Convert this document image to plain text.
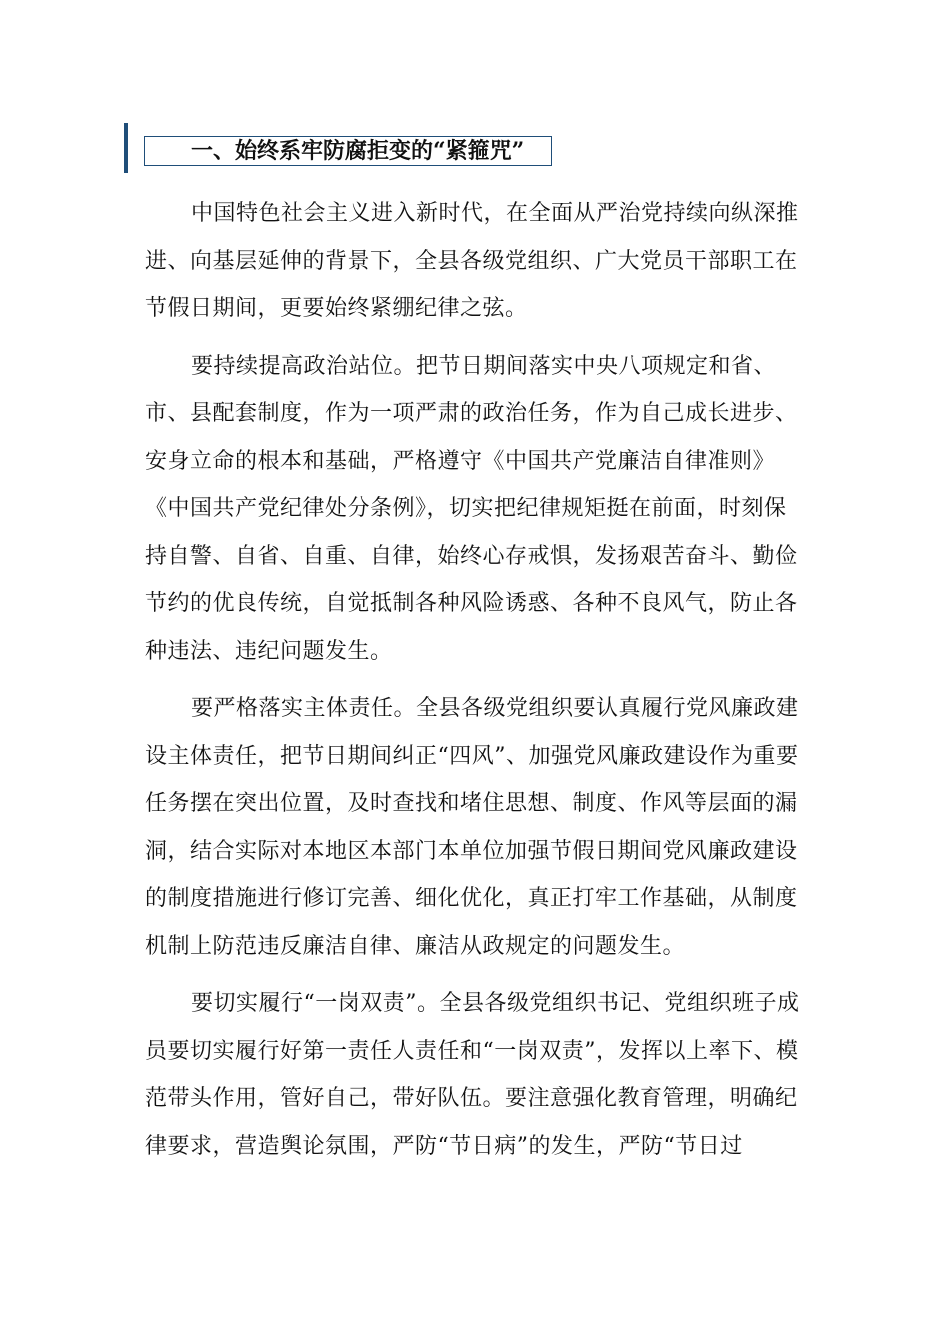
一、始终系牢防腐拒变的“紧箍咒”

中国特色社会主义进入新时代，在全面从严治党持续向纵深推进、向基层延伸的背景下，全县各级党组织、广大党员干部职工在节假日期间，更要始终紧绷纪律之弦。

要持续提高政治站位。把节日期间落实中央八项规定和省、市、县配套制度，作为一项严肃的政治任务，作为自己成长进步、安身立命的根本和基础，严格遵守《中国共产党廉洁自律准则》《中国共产党纪律处分条例》，切实把纪律规矩挺在前面，时刻保持自警、自省、自重、自律，始终心存戒惧，发扬艰苦奋斗、勤俭节约的优良传统，自觉抵制各种风险诱惑、各种不良风气，防止各种违法、违纪问题发生。

要严格落实主体责任。全县各级党组织要认真履行党风廉政建设主体责任，把节日期间纠正“四风”、加强党风廉政建设作为重要任务摆在突出位置，及时查找和堵住思想、制度、作风等层面的漏洞，结合实际对本地区本部门本单位加强节假日期间党风廉政建设的制度措施进行修订完善、细化优化，真正打牢工作基础，从制度机制上防范违反廉洁自律、廉洁从政规定的问题发生。

要切实履行“一岗双责”。全县各级党组织书记、党组织班子成员要切实履行好第一责任人责任和“一岗双责”，发挥以上率下、模范带头作用，管好自己，带好队伍。要注意强化教育管理，明确纪律要求，营造舆论氛围，严防“节日病”的发生，严防“节日过
